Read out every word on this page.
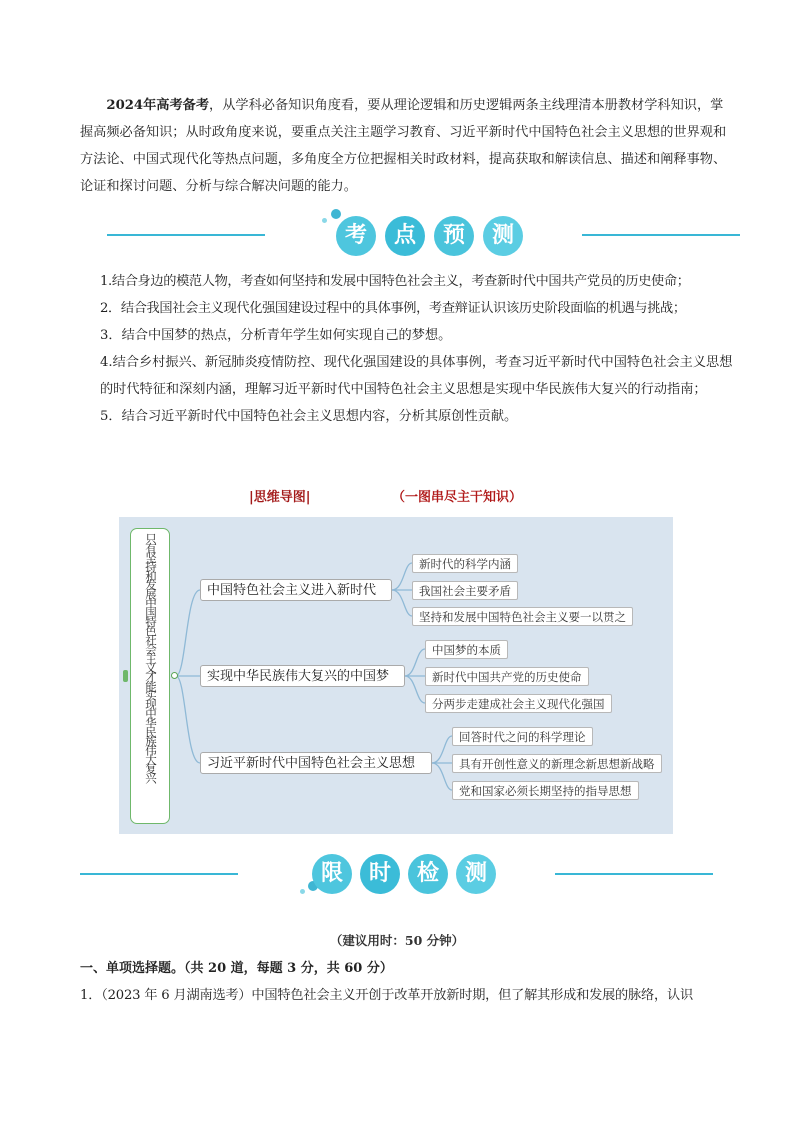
2024年高考备考，从学科必备知识角度看，要从理论逻辑和历史逻辑两条主线理清本册教材学科知识，掌握高频必备知识；从时政角度来说，要重点关注主题学习教育、习近平新时代中国特色社会主义思想的世界观和方法论、中国式现代化等热点问题，多角度全方位把握相关时政材料，提高获取和解读信息、描述和阐释事物、论证和探讨问题、分析与综合解决问题的能力。
考	点	预	测

1.结合身边的模范人物，考查如何坚持和发展中国特色社会主义，考查新时代中国共产党员的历史使命；

2．结合我国社会主义现代化强国建设过程中的具体事例，考查辩证认识该历史阶段面临的机遇与挑战；

3．结合中国梦的热点，分析青年学生如何实现自己的梦想。

4.结合乡村振兴、新冠肺炎疫情防控、现代化强国建设的具体事例，考查习近平新时代中国特色社会主义思想的时代特征和深刻内涵，理解习近平新时代中国特色社会主义思想是实现中华民族伟大复兴的行动指南；

5．结合习近平新时代中国特色社会主义思想内容，分析其原创性贡献。

|思维导图|	（一图串尽主干知识）
只有坚持和发展中国特色社会主义才能实现中华民族伟大复兴	中国特色社会主义进入新时代
实现中华民族伟大复兴的中国梦
习近平新时代中国特色社会主义思想
新时代的科学内涵
我国社会主要矛盾
坚持和发展中国特色社会主义要一以贯之
中国梦的本质
新时代中国共产党的历史使命
分两步走建成社会主义现代化强国
回答时代之问的科学理论
具有开创性意义的新理念新思想新战略
党和国家必须长期坚持的指导思想
限	时	检	测
（建议用时：50 分钟）
一、单项选择题。（共 20 道，每题 3 分，共 60 分）
1．（2023 年 6 月湖南选考）中国特色社会主义开创于改革开放新时期，但了解其形成和发展的脉络，认识
